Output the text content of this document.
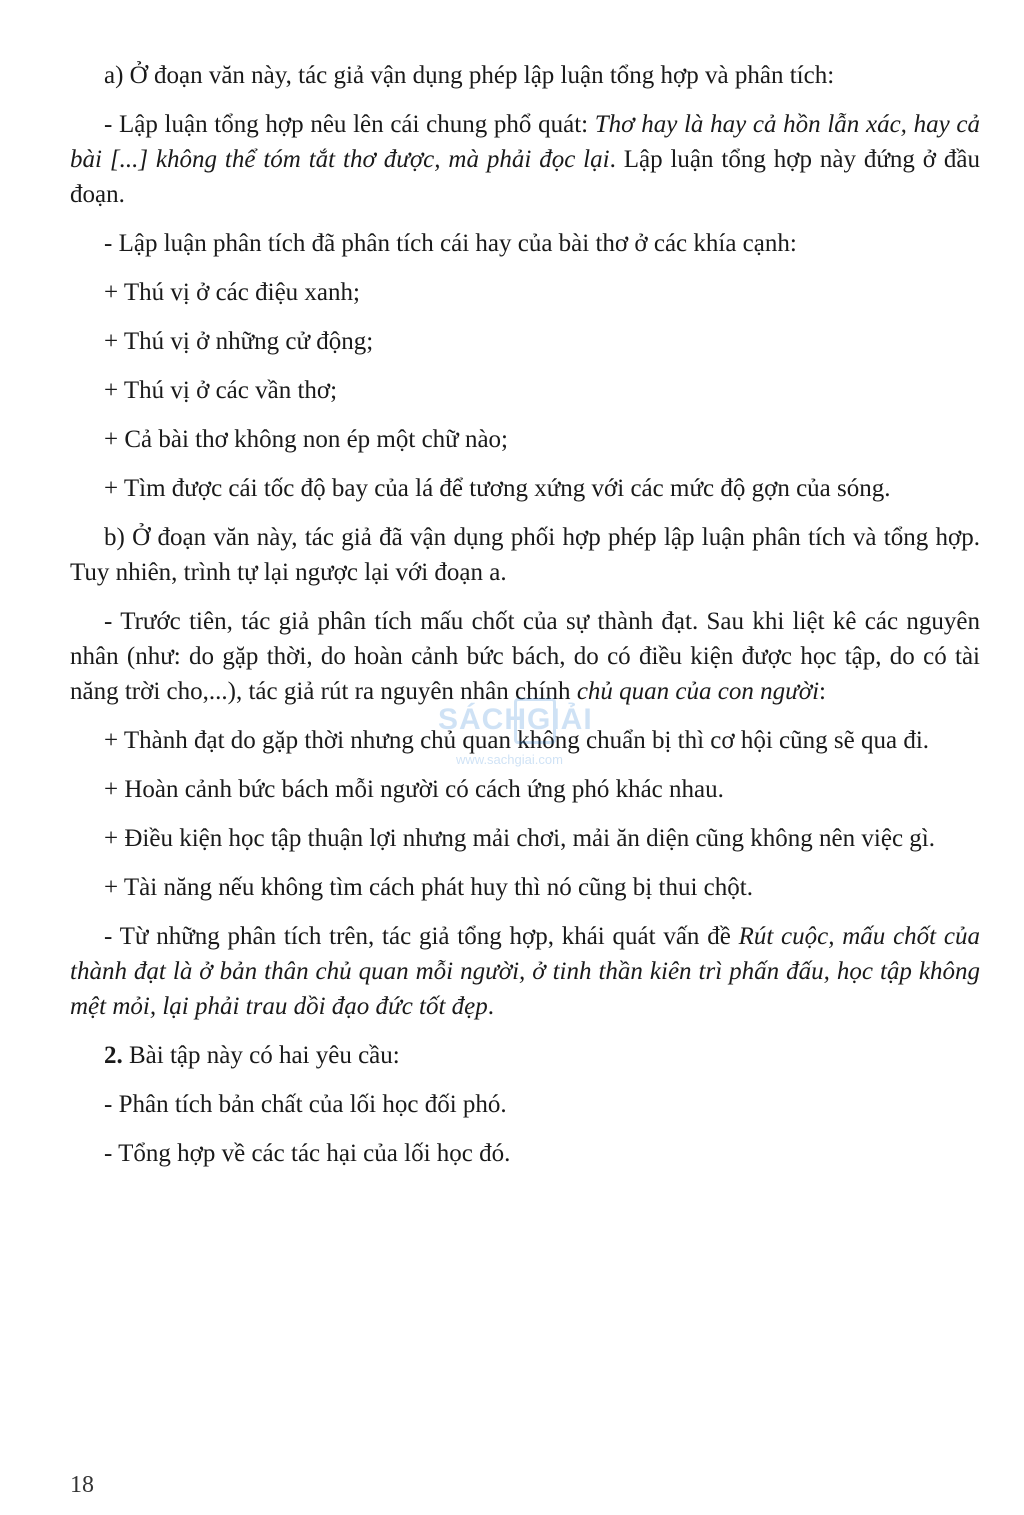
a) Ở đoạn văn này, tác giả vận dụng phép lập luận tổng hợp và phân tích:

- Lập luận tổng hợp nêu lên cái chung phổ quát: Thơ hay là hay cả hồn lẫn xác, hay cả bài [...] không thể tóm tắt thơ được, mà phải đọc lại. Lập luận tổng hợp này đứng ở đầu đoạn.

- Lập luận phân tích đã phân tích cái hay của bài thơ ở các khía cạnh:

+ Thú vị ở các điệu xanh;

+ Thú vị ở những cử động;

+ Thú vị ở các vần thơ;

+ Cả bài thơ không non ép một chữ nào;

+ Tìm được cái tốc độ bay của lá để tương xứng với các mức độ gợn của sóng.

b) Ở đoạn văn này, tác giả đã vận dụng phối hợp phép lập luận phân tích và tổng hợp. Tuy nhiên, trình tự lại ngược lại với đoạn a.

- Trước tiên, tác giả phân tích mấu chốt của sự thành đạt. Sau khi liệt kê các nguyên nhân (như: do gặp thời, do hoàn cảnh bức bách, do có điều kiện được học tập, do có tài năng trời cho,...), tác giả rút ra nguyên nhân chính chủ quan của con người:

+ Thành đạt do gặp thời nhưng chủ quan không chuẩn bị thì cơ hội cũng sẽ qua đi.

+ Hoàn cảnh bức bách mỗi người có cách ứng phó khác nhau.

+ Điều kiện học tập thuận lợi nhưng mải chơi, mải ăn diện cũng không nên việc gì.

+ Tài năng nếu không tìm cách phát huy thì nó cũng bị thui chột.

- Từ những phân tích trên, tác giả tổng hợp, khái quát vấn đề Rút cuộc, mấu chốt của thành đạt là ở bản thân chủ quan mỗi người, ở tinh thần kiên trì phấn đấu, học tập không mệt mỏi, lại phải trau dồi đạo đức tốt đẹp.

2. Bài tập này có hai yêu cầu:

- Phân tích bản chất của lối học đối phó.

- Tổng hợp về các tác hại của lối học đó.

SÁCHGIẢI
www.sachgiai.com
18
